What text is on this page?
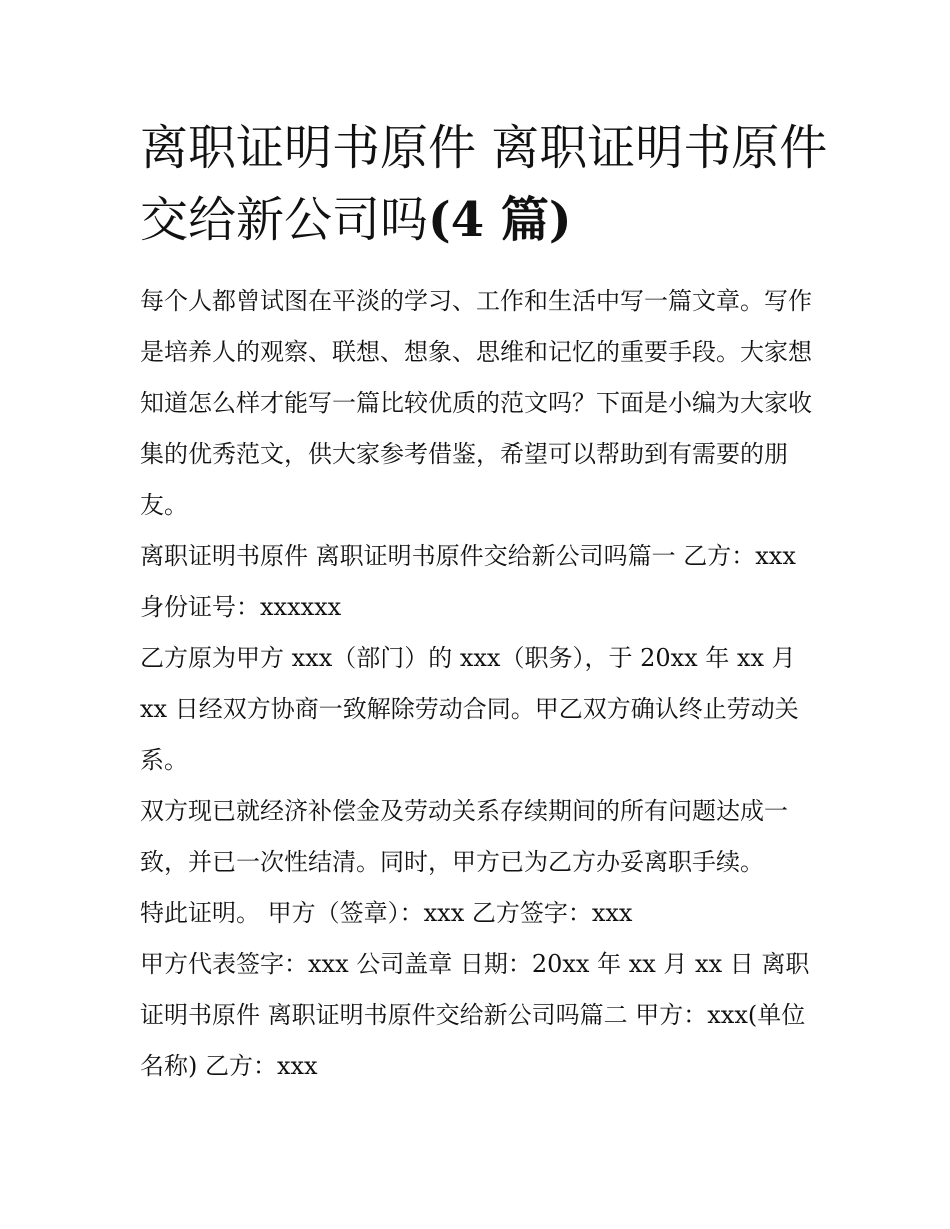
离职证明书原件 离职证明书原件交给新公司吗(4 篇)

每个人都曾试图在平淡的学习、工作和生活中写一篇文章。写作是培养人的观察、联想、想象、思维和记忆的重要手段。大家想知道怎么样才能写一篇比较优质的范文吗？下面是小编为大家收集的优秀范文，供大家参考借鉴，希望可以帮助到有需要的朋友。

离职证明书原件 离职证明书原件交给新公司吗篇一 乙方：xxx 身份证号：xxxxxx

乙方原为甲方 xxx（部门）的 xxx（职务），于 20xx 年 xx 月 xx 日经双方协商一致解除劳动合同。甲乙双方确认终止劳动关系。

双方现已就经济补偿金及劳动关系存续期间的所有问题达成一致，并已一次性结清。同时，甲方已为乙方办妥离职手续。

特此证明。 甲方（签章）：xxx 乙方签字：xxx

甲方代表签字：xxx 公司盖章 日期：20xx 年 xx 月 xx 日 离职证明书原件 离职证明书原件交给新公司吗篇二 甲方：xxx(单位名称) 乙方：xxx
